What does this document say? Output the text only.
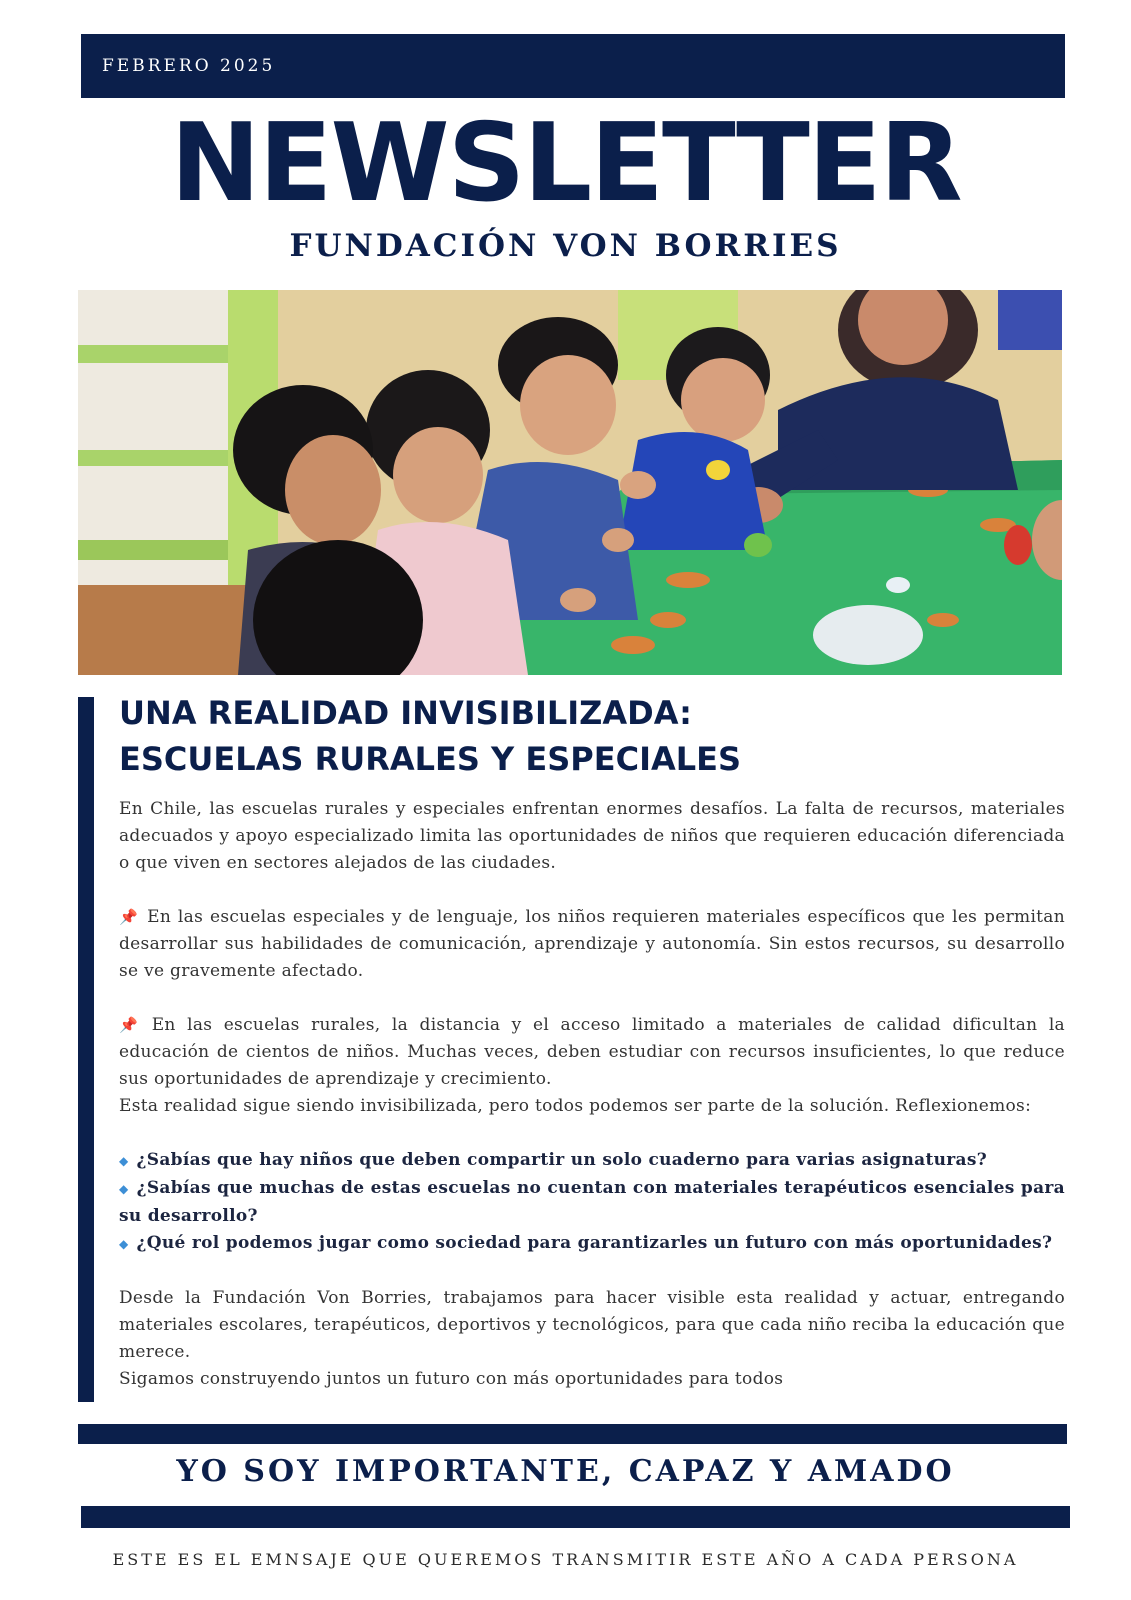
FEBRERO 2025
NEWSLETTER
FUNDACIÓN VON BORRIES
UNA REALIDAD INVISIBILIZADA:
ESCUELAS RURALES Y ESPECIALES

En Chile, las escuelas rurales y especiales enfrentan enormes desafíos. La falta de recursos, materiales adecuados y apoyo especializado limita las oportunidades de niños que requieren educación diferenciada o que viven en sectores alejados de las ciudades.

📌 En las escuelas especiales y de lenguaje, los niños requieren materiales específicos que les permitan desarrollar sus habilidades de comunicación, aprendizaje y autonomía. Sin estos recursos, su desarrollo se ve gravemente afectado.

📌 En las escuelas rurales, la distancia y el acceso limitado a materiales de calidad dificultan la educación de cientos de niños. Muchas veces, deben estudiar con recursos insuficientes, lo que reduce sus oportunidades de aprendizaje y crecimiento.

Esta realidad sigue siendo invisibilizada, pero todos podemos ser parte de la solución. Reflexionemos:

◆ ¿Sabías que hay niños que deben compartir un solo cuaderno para varias asignaturas?

◆ ¿Sabías que muchas de estas escuelas no cuentan con materiales terapéuticos esenciales para su desarrollo?

◆ ¿Qué rol podemos jugar como sociedad para garantizarles un futuro con más oportunidades?

Desde la Fundación Von Borries, trabajamos para hacer visible esta realidad y actuar, entregando materiales escolares, terapéuticos, deportivos y tecnológicos, para que cada niño reciba la educación que merece.

Sigamos construyendo juntos un futuro con más oportunidades para todos

YO SOY IMPORTANTE, CAPAZ Y AMADO
ESTE ES EL EMNSAJE QUE QUEREMOS TRANSMITIR ESTE AÑO A CADA PERSONA
